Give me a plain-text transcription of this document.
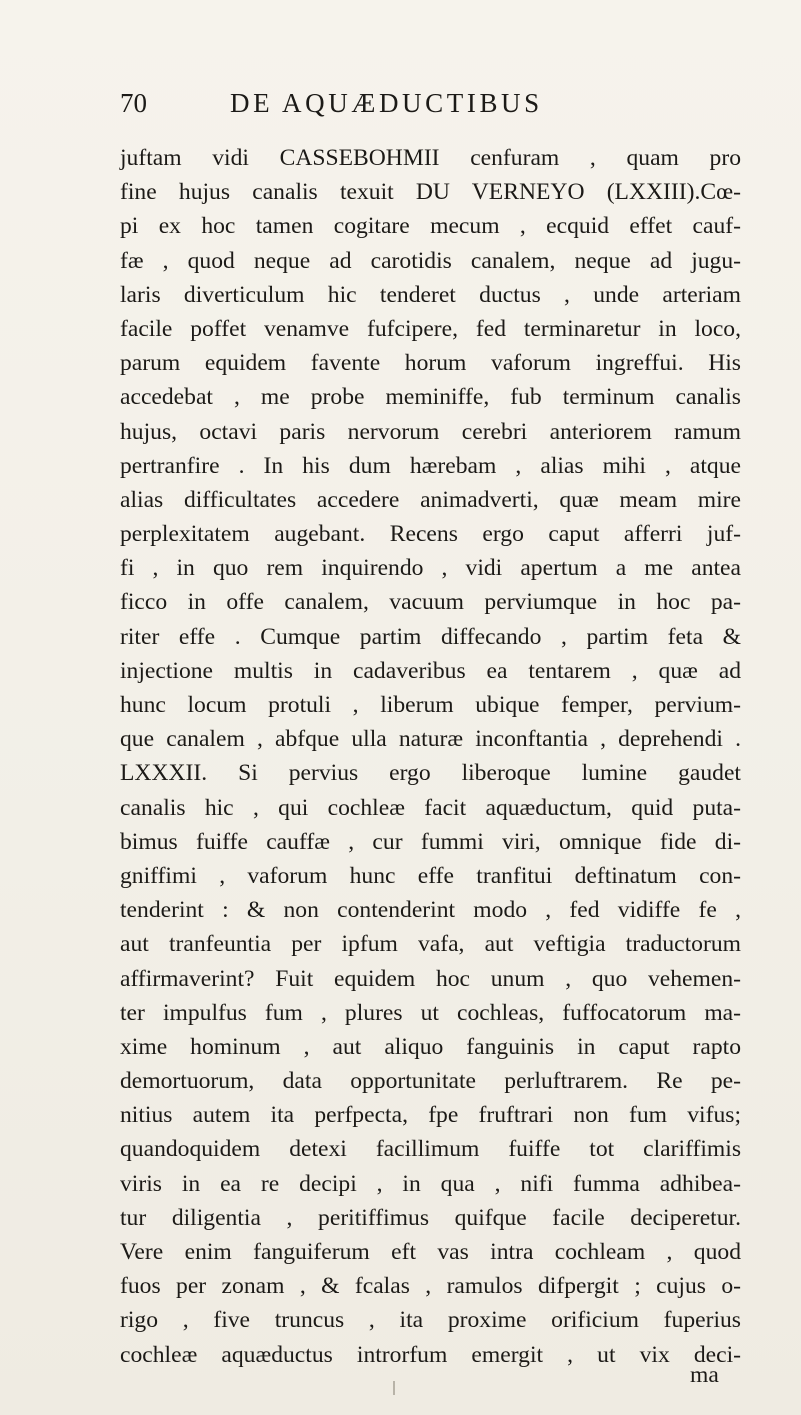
70	DE AQUÆDUCTIBUS
juftam vidi CASSEBOHMII cenfuram , quam pro
fine hujus canalis texuit DU VERNEYO (LXXIII).Cœ-
pi ex hoc tamen cogitare mecum , ecquid effet cauf-
fæ , quod neque ad carotidis canalem, neque ad jugu-
laris diverticulum hic tenderet ductus , unde arteriam
facile poffet venamve fufcipere, fed terminaretur in loco,
parum equidem favente horum vaforum ingreffui. His
accedebat , me probe meminiffe, fub terminum canalis
hujus, octavi paris nervorum cerebri anteriorem ramum
pertranfire . In his dum hærebam , alias mihi , atque
alias difficultates accedere animadverti, quæ meam mire
perplexitatem augebant. Recens ergo caput afferri juf-
fi , in quo rem inquirendo , vidi apertum a me antea
ficco in offe canalem, vacuum perviumque in hoc pa-
riter effe . Cumque partim diffecando , partim feta &
injectione multis in cadaveribus ea tentarem , quæ ad
hunc locum protuli , liberum ubique femper, pervium-
que canalem , abfque ulla naturæ inconftantia , deprehendi .
LXXXII. Si pervius ergo liberoque lumine gaudet
canalis hic , qui cochleæ facit aquæductum, quid puta-
bimus fuiffe cauffæ , cur fummi viri, omnique fide di-
gniffimi , vaforum hunc effe tranfitui deftinatum con-
tenderint : & non contenderint modo , fed vidiffe fe ,
aut tranfeuntia per ipfum vafa, aut veftigia traductorum
affirmaverint? Fuit equidem hoc unum , quo vehemen-
ter impulfus fum , plures ut cochleas, fuffocatorum ma-
xime hominum , aut aliquo fanguinis in caput rapto
demortuorum, data opportunitate perluftrarem. Re pe-
nitius autem ita perfpecta, fpe fruftrari non fum vifus;
quandoquidem detexi facillimum fuiffe tot clariffimis
viris in ea re decipi , in qua , nifi fumma adhibea-
tur diligentia , peritiffimus quifque facile deciperetur.
Vere enim fanguiferum eft vas intra cochleam , quod
fuos per zonam , & fcalas , ramulos difpergit ; cujus o-
rigo , five truncus , ita proxime orificium fuperius
cochleæ aquæductus introrfum emergit , ut vix deci-
ma
